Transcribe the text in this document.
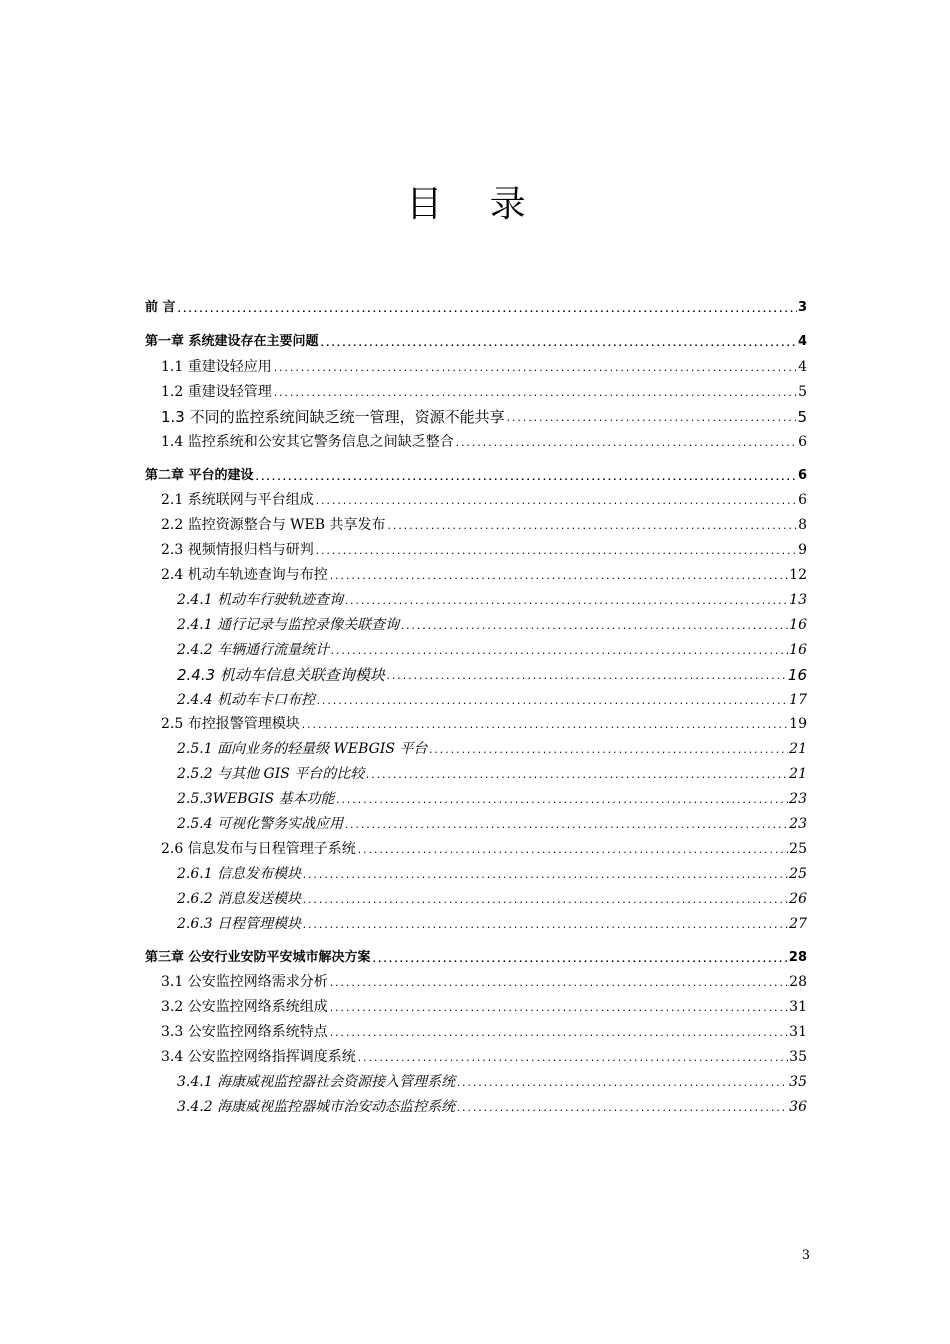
目 录
前 言 .....	3
第一章 系统建设存在主要问题 .....	4
1.1 重建设轻应用 .....	4
1.2 重建设轻管理 .....	5
1.3 不同的监控系统间缺乏统一管理，资源不能共享 .....	5
1.4 监控系统和公安其它警务信息之间缺乏整合 .....	6
第二章 平台的建设 .....	6
2.1 系统联网与平台组成 .....	6
2.2 监控资源整合与 WEB 共享发布 .....	8
2.3 视频情报归档与研判 .....	9
2.4 机动车轨迹查询与布控 .....	12
2.4.1 机动车行驶轨迹查询 .....	13
2.4.1 通行记录与监控录像关联查询 .....	16
2.4.2 车辆通行流量统计 .....	16
2.4.3 机动车信息关联查询模块 .....	16
2.4.4 机动车卡口布控 .....	17
2.5 布控报警管理模块 .....	19
2.5.1 面向业务的轻量级 WEBGIS 平台 .....	21
2.5.2 与其他 GIS 平台的比较 .....	21
2.5.3WEBGIS 基本功能 .....	23
2.5.4 可视化警务实战应用 .....	23
2.6 信息发布与日程管理子系统 .....	25
2.6.1 信息发布模块 .....	25
2.6.2 消息发送模块 .....	26
2.6.3 日程管理模块 .....	27
第三章 公安行业安防平安城市解决方案 .....	28
3.1 公安监控网络需求分析 .....	28
3.2 公安监控网络系统组成 .....	31
3.3 公安监控网络系统特点 .....	31
3.4 公安监控网络指挥调度系统 .....	35
3.4.1 海康威视监控器社会资源接入管理系统 .....	35
3.4.2 海康威视监控器城市治安动态监控系统 .....	36
3
